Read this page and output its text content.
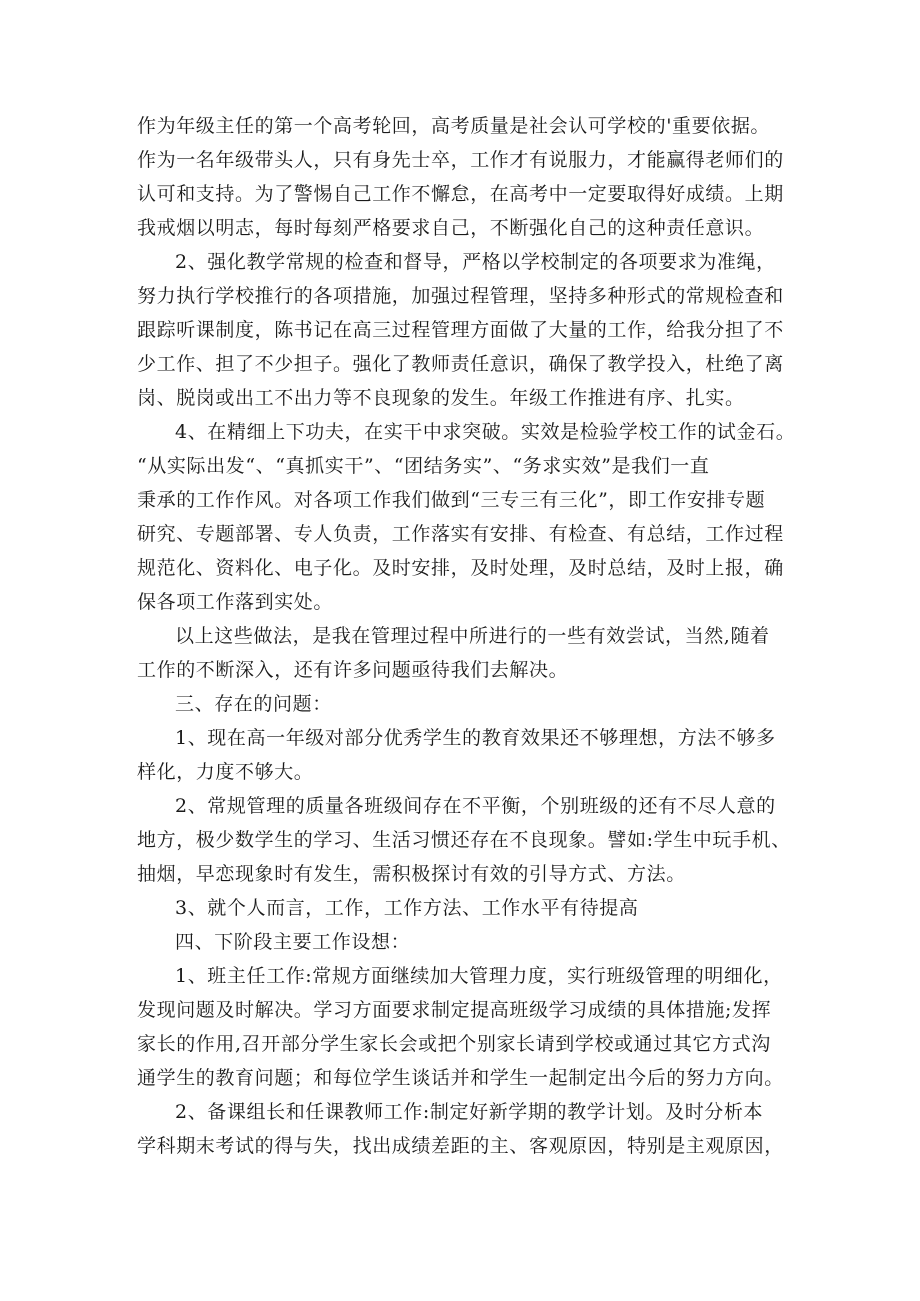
作为年级主任的第一个高考轮回，高考质量是社会认可学校的'重要依据。
作为一名年级带头人，只有身先士卒，工作才有说服力，才能赢得老师们的
认可和支持。为了警惕自己工作不懈怠，在高考中一定要取得好成绩。上期
我戒烟以明志，每时每刻严格要求自己，不断强化自己的这种责任意识。
2、强化教学常规的检查和督导，严格以学校制定的各项要求为准绳，
努力执行学校推行的各项措施，加强过程管理，坚持多种形式的常规检查和
跟踪听课制度，陈书记在高三过程管理方面做了大量的工作，给我分担了不
少工作、担了不少担子。强化了教师责任意识，确保了教学投入，杜绝了离
岗、脱岗或出工不出力等不良现象的发生。年级工作推进有序、扎实。
4、在精细上下功夫，在实干中求突破。实效是检验学校工作的试金石。
“从实际出发“、“真抓实干”、“团结务实”、“务求实效”是我们一直
秉承的工作作风。对各项工作我们做到“三专三有三化”，即工作安排专题
研究、专题部署、专人负责，工作落实有安排、有检查、有总结，工作过程
规范化、资料化、电子化。及时安排，及时处理，及时总结，及时上报，确
保各项工作落到实处。
以上这些做法，是我在管理过程中所进行的一些有效尝试，当然,随着
工作的不断深入，还有许多问题亟待我们去解决。
三、存在的问题：
1、现在高一年级对部分优秀学生的教育效果还不够理想，方法不够多
样化，力度不够大。
2、常规管理的质量各班级间存在不平衡，个别班级的还有不尽人意的
地方，极少数学生的学习、生活习惯还存在不良现象。譬如:学生中玩手机、
抽烟，早恋现象时有发生，需积极探讨有效的引导方式、方法。
3、就个人而言，工作，工作方法、工作水平有待提高
四、下阶段主要工作设想：
1、班主任工作:常规方面继续加大管理力度，实行班级管理的明细化，
发现问题及时解决。学习方面要求制定提高班级学习成绩的具体措施;发挥
家长的作用,召开部分学生家长会或把个别家长请到学校或通过其它方式沟
通学生的教育问题；和每位学生谈话并和学生一起制定出今后的努力方向。
2、备课组长和任课教师工作:制定好新学期的教学计划。及时分析本
学科期末考试的得与失，找出成绩差距的主、客观原因，特别是主观原因，
